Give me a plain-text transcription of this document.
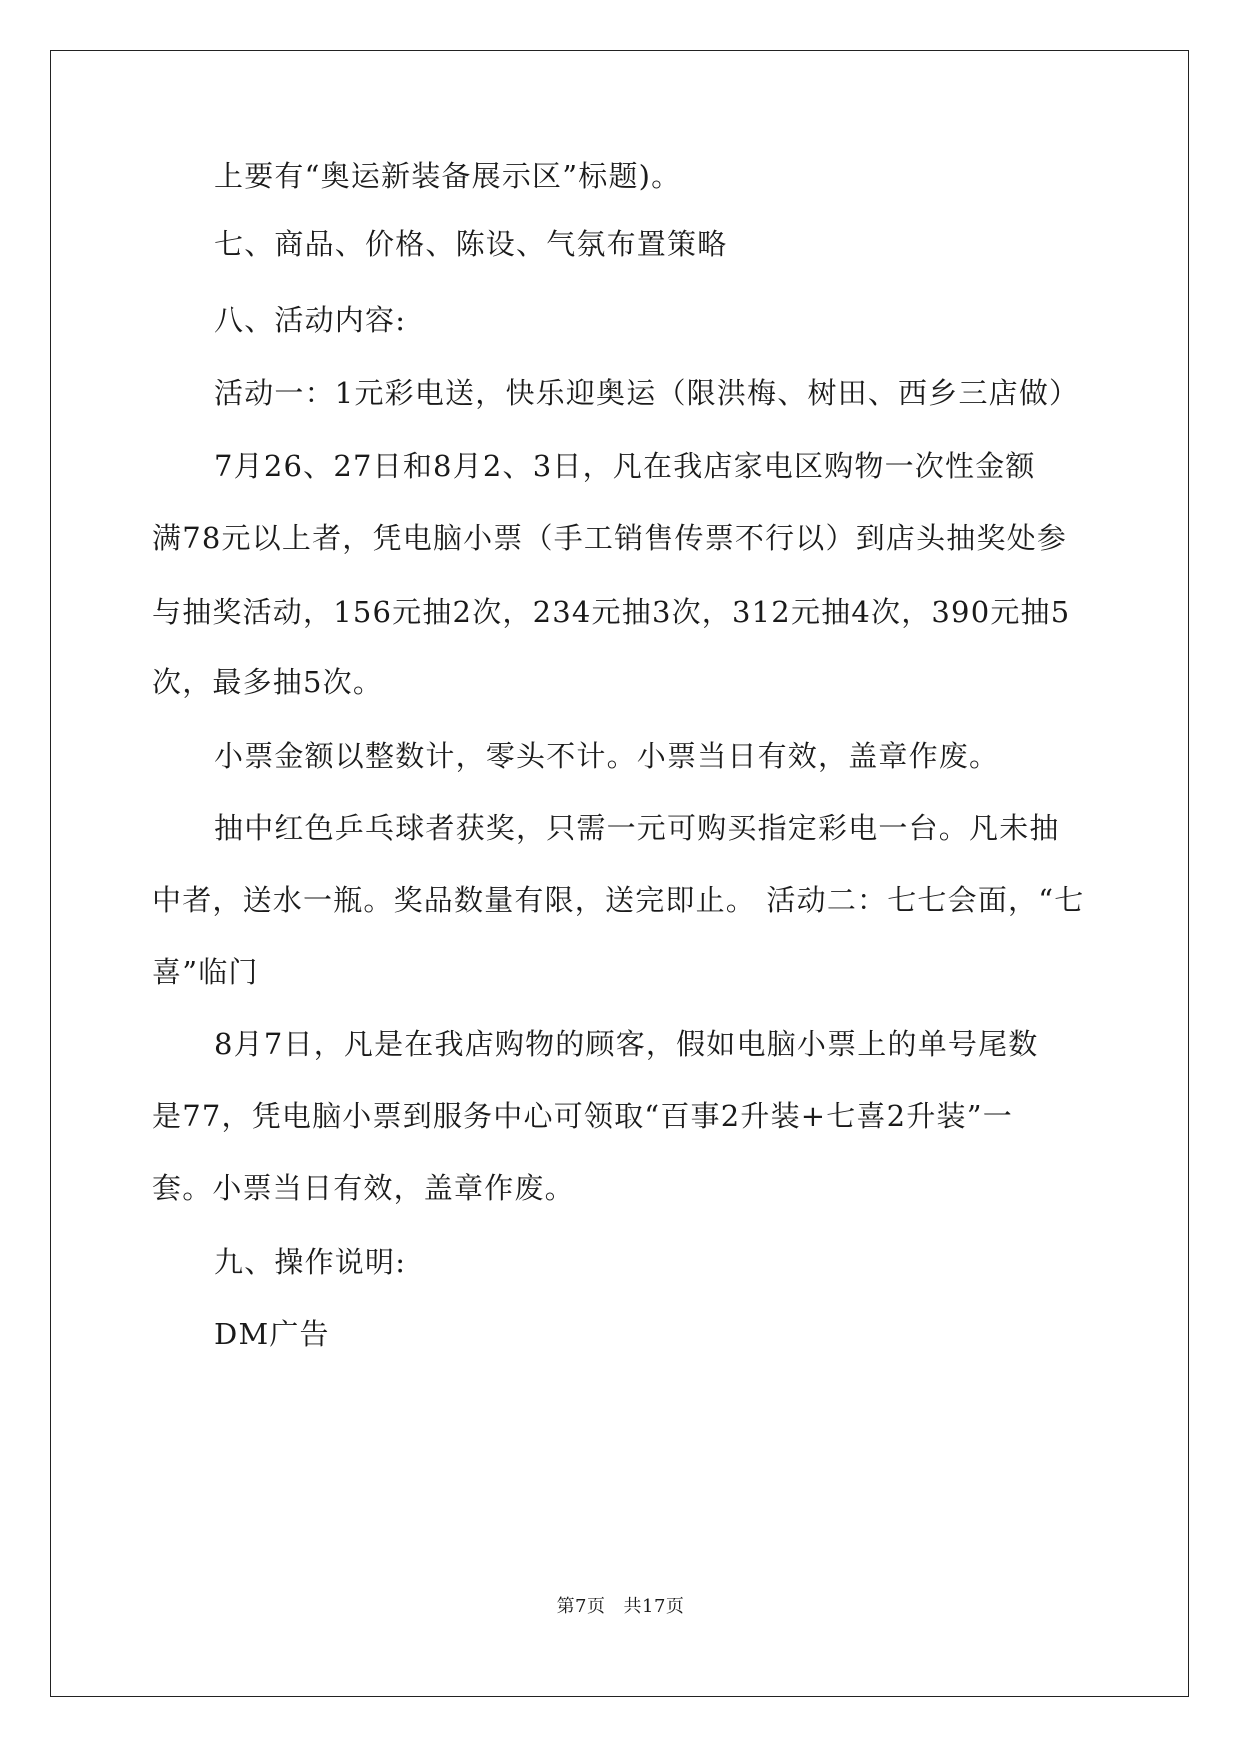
上要有“奥运新装备展示区”标题)。
七、商品、价格、陈设、气氛布置策略
八、活动内容:
活动一：1元彩电送，快乐迎奥运（限洪梅、树田、西乡三店做）
7月26、27日和8月2、3日，凡在我店家电区购物一次性金额
满78元以上者，凭电脑小票（手工销售传票不行以）到店头抽奖处参
与抽奖活动，156元抽2次，234元抽3次，312元抽4次，390元抽5
次，最多抽5次。
小票金额以整数计，零头不计。小票当日有效，盖章作废。
抽中红色乒乓球者获奖，只需一元可购买指定彩电一台。凡未抽
中者，送水一瓶。奖品数量有限，送完即止。 活动二：七七会面，“七
喜”临门
8月7日，凡是在我店购物的顾客，假如电脑小票上的单号尾数
是77，凭电脑小票到服务中心可领取“百事2升装+七喜2升装”一
套。小票当日有效，盖章作废。
九、操作说明:
DM广告
第7页 共17页
